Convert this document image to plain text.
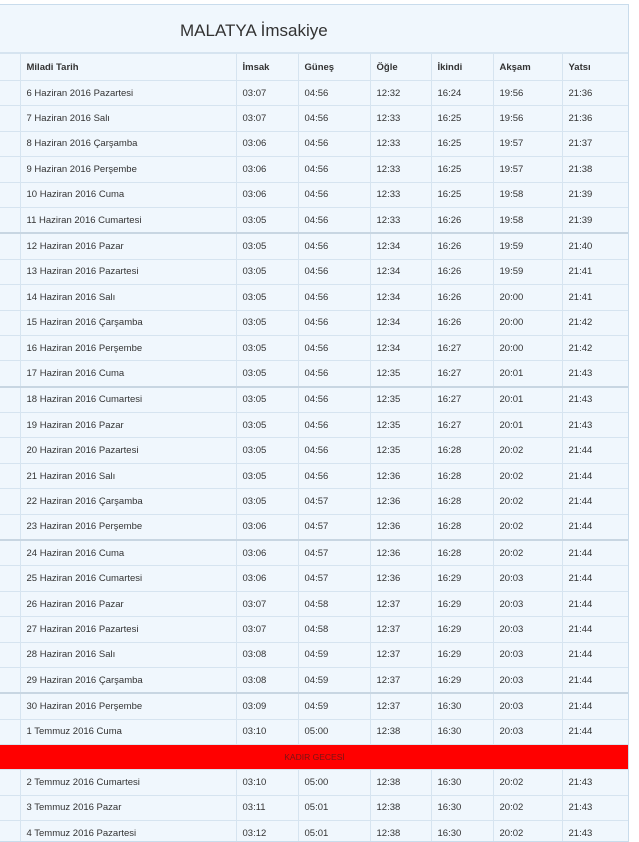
MALATYA İmsakiye
	Miladi Tarih	İmsak	Güneş	Öğle	İkindi	Akşam	Yatsı
	6 Haziran 2016 Pazartesi	03:07	04:56	12:32	16:24	19:56	21:36
	7 Haziran 2016 Salı	03:07	04:56	12:33	16:25	19:56	21:36
	8 Haziran 2016 Çarşamba	03:06	04:56	12:33	16:25	19:57	21:37
	9 Haziran 2016 Perşembe	03:06	04:56	12:33	16:25	19:57	21:38
	10 Haziran 2016 Cuma	03:06	04:56	12:33	16:25	19:58	21:39
	11 Haziran 2016 Cumartesi	03:05	04:56	12:33	16:26	19:58	21:39
	12 Haziran 2016 Pazar	03:05	04:56	12:34	16:26	19:59	21:40
	13 Haziran 2016 Pazartesi	03:05	04:56	12:34	16:26	19:59	21:41
	14 Haziran 2016 Salı	03:05	04:56	12:34	16:26	20:00	21:41
	15 Haziran 2016 Çarşamba	03:05	04:56	12:34	16:26	20:00	21:42
	16 Haziran 2016 Perşembe	03:05	04:56	12:34	16:27	20:00	21:42
	17 Haziran 2016 Cuma	03:05	04:56	12:35	16:27	20:01	21:43
	18 Haziran 2016 Cumartesi	03:05	04:56	12:35	16:27	20:01	21:43
	19 Haziran 2016 Pazar	03:05	04:56	12:35	16:27	20:01	21:43
	20 Haziran 2016 Pazartesi	03:05	04:56	12:35	16:28	20:02	21:44
	21 Haziran 2016 Salı	03:05	04:56	12:36	16:28	20:02	21:44
	22 Haziran 2016 Çarşamba	03:05	04:57	12:36	16:28	20:02	21:44
	23 Haziran 2016 Perşembe	03:06	04:57	12:36	16:28	20:02	21:44
	24 Haziran 2016 Cuma	03:06	04:57	12:36	16:28	20:02	21:44
	25 Haziran 2016 Cumartesi	03:06	04:57	12:36	16:29	20:03	21:44
	26 Haziran 2016 Pazar	03:07	04:58	12:37	16:29	20:03	21:44
	27 Haziran 2016 Pazartesi	03:07	04:58	12:37	16:29	20:03	21:44
	28 Haziran 2016 Salı	03:08	04:59	12:37	16:29	20:03	21:44
	29 Haziran 2016 Çarşamba	03:08	04:59	12:37	16:29	20:03	21:44
	30 Haziran 2016 Perşembe	03:09	04:59	12:37	16:30	20:03	21:44
	1 Temmuz 2016 Cuma	03:10	05:00	12:38	16:30	20:03	21:44
KADIR GECESİ							
	2 Temmuz 2016 Cumartesi	03:10	05:00	12:38	16:30	20:02	21:43
	3 Temmuz 2016 Pazar	03:11	05:01	12:38	16:30	20:02	21:43
	4 Temmuz 2016 Pazartesi	03:12	05:01	12:38	16:30	20:02	21:43
